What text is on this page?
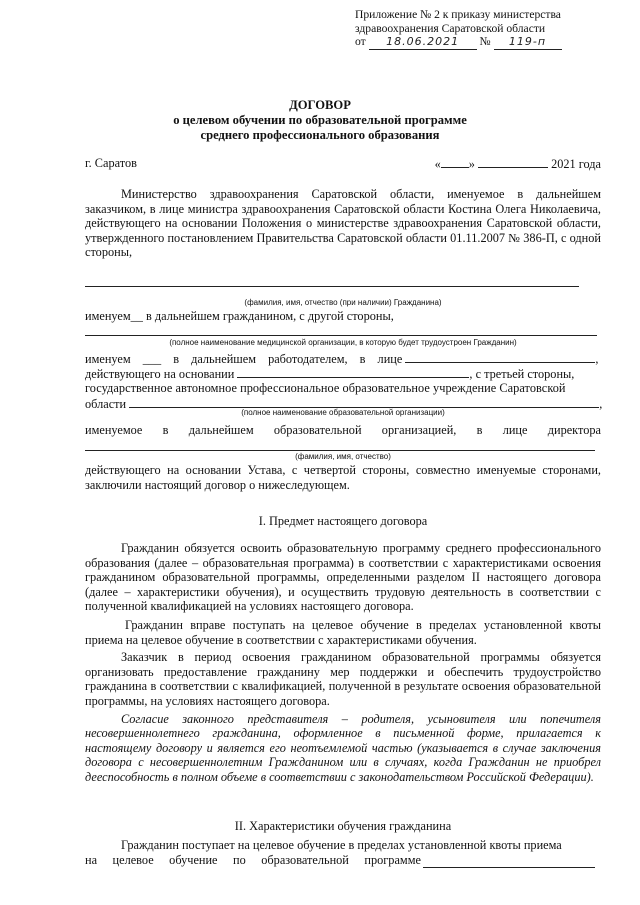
Приложение № 2 к приказу министерства
здравоохранения Саратовской области
от 18.06.2021 № 119-п
ДОГОВОР
о целевом обучении по образовательной программе
среднего профессионального образования
г. Саратов	« »	2021 года
Министерство здравоохранения Саратовской области, именуемое в дальнейшем заказчиком, в лице министра здравоохранения Саратовской области Костина Олега Николаевича, действующего на основании Положения о министерстве здравоохранения Саратовской области, утвержденного постановлением Правительства Саратовской области 01.11.2007 № 386-П, с одной стороны,
(фамилия, имя, отчество (при наличии) Гражданина)
именуем__ в дальнейшем гражданином, с другой стороны,
(полное наименование медицинской организации, в которую будет трудоустроен Гражданин)
именуем ___ в дальнейшем работодателем, в лице	,
действующего на основании	, с третьей стороны,
государственное автономное профессиональное образовательное учреждение Саратовской
области	,
(полное наименование образовательной организации)
именуемое в дальнейшем образовательной организацией, в лице директора
(фамилия, имя, отчество)
действующего на основании Устава, с четвертой стороны, совместно именуемые сторонами, заключили настоящий договор о нижеследующем.
I. Предмет настоящего договора
Гражданин обязуется освоить образовательную программу среднего профессионального образования (далее – образовательная программа) в соответствии с характеристиками освоения гражданином образовательной программы, определенными разделом II настоящего договора (далее – характеристики обучения), и осуществить трудовую деятельность в соответствии с полученной квалификацией на условиях настоящего договора.
Гражданин вправе поступать на целевое обучение в пределах установленной квоты приема на целевое обучение в соответствии с характеристиками обучения.
Заказчик в период освоения гражданином образовательной программы обязуется организовать предоставление гражданину мер поддержки и обеспечить трудоустройство гражданина в соответствии с квалификацией, полученной в результате освоения образовательной программы, на условиях настоящего договора.
Согласие законного представителя – родителя, усыновителя или попечителя несовершеннолетнего гражданина, оформленное в письменной форме, прилагается к настоящему договору и является его неотъемлемой частью (указывается в случае заключения договора с несовершеннолетним Гражданином или в случаях, когда Гражданин не приобрел дееспособность в полном объеме в соответствии с законодательством Российской Федерации).
II. Характеристики обучения гражданина
Гражданин поступает на целевое обучение в пределах установленной квоты приема
на целевое обучение по образовательной программе
